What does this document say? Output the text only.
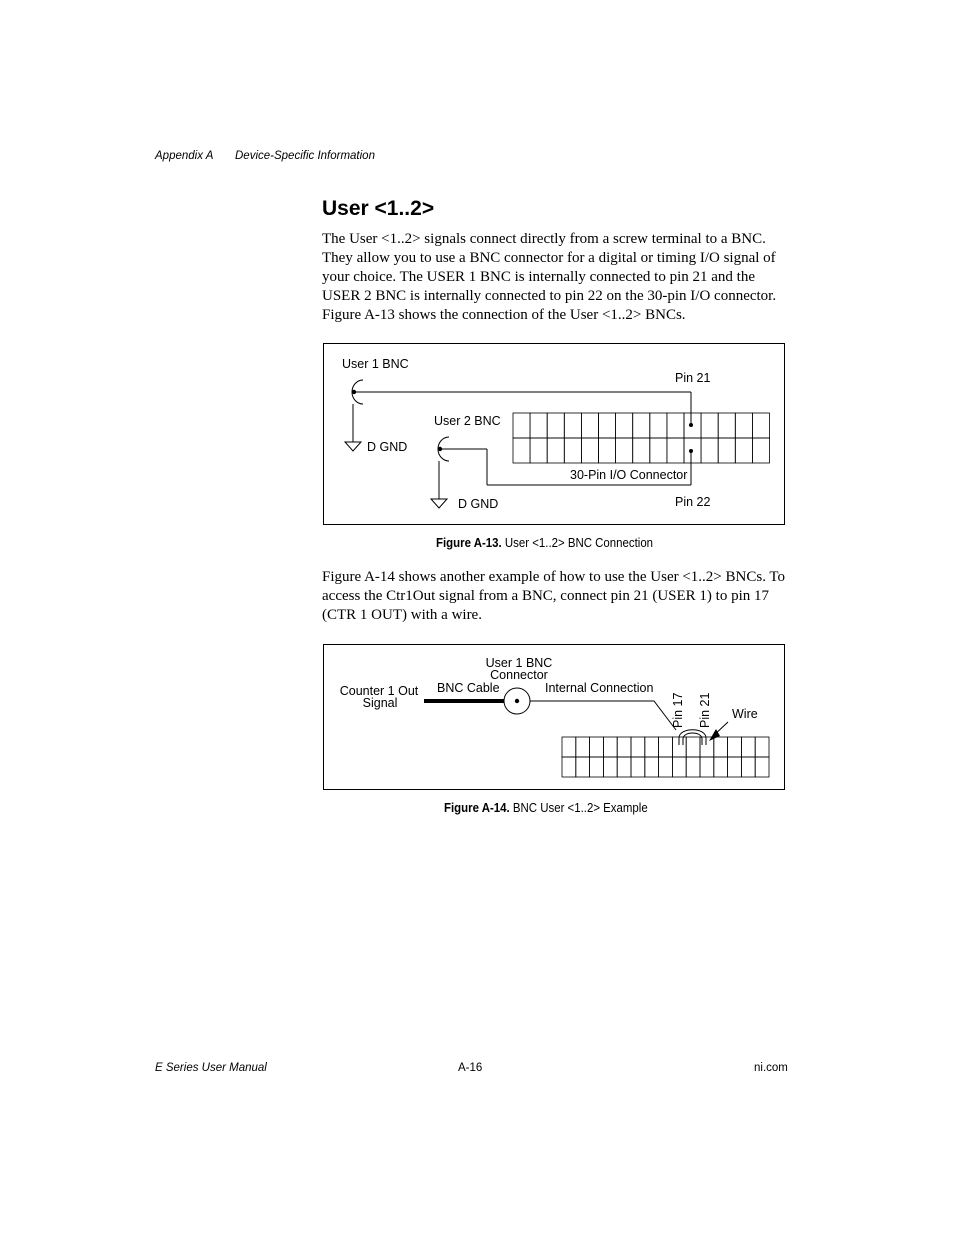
Appendix A Device-Specific Information
User <1..2>
The User <1..2> signals connect directly from a screw terminal to a BNC. They allow you to use a BNC connector for a digital or timing I/O signal of your choice. The USER 1 BNC is internally connected to pin 21 and the USER 2 BNC is internally connected to pin 22 on the 30-pin I/O connector. Figure A-13 shows the connection of the User <1..2> BNCs.
User 1 BNC
Pin 21
User 2 BNC
D GND
30-Pin I/O Connector
D GND	Pin 22
Figure A-13. User <1..2> BNC Connection
Figure A-14 shows another example of how to use the User <1..2> BNCs. To access the Ctr1Out signal from a BNC, connect pin 21 (USER 1) to pin 17 (CTR 1 OUT) with a wire.
User 1 BNC
Connector
Counter 1 Out
Signal
BNC Cable	Internal Connection
Pin 17 Pin 21 Wire
Figure A-14. BNC User <1..2> Example
E Series User Manual	A-16	ni.com
